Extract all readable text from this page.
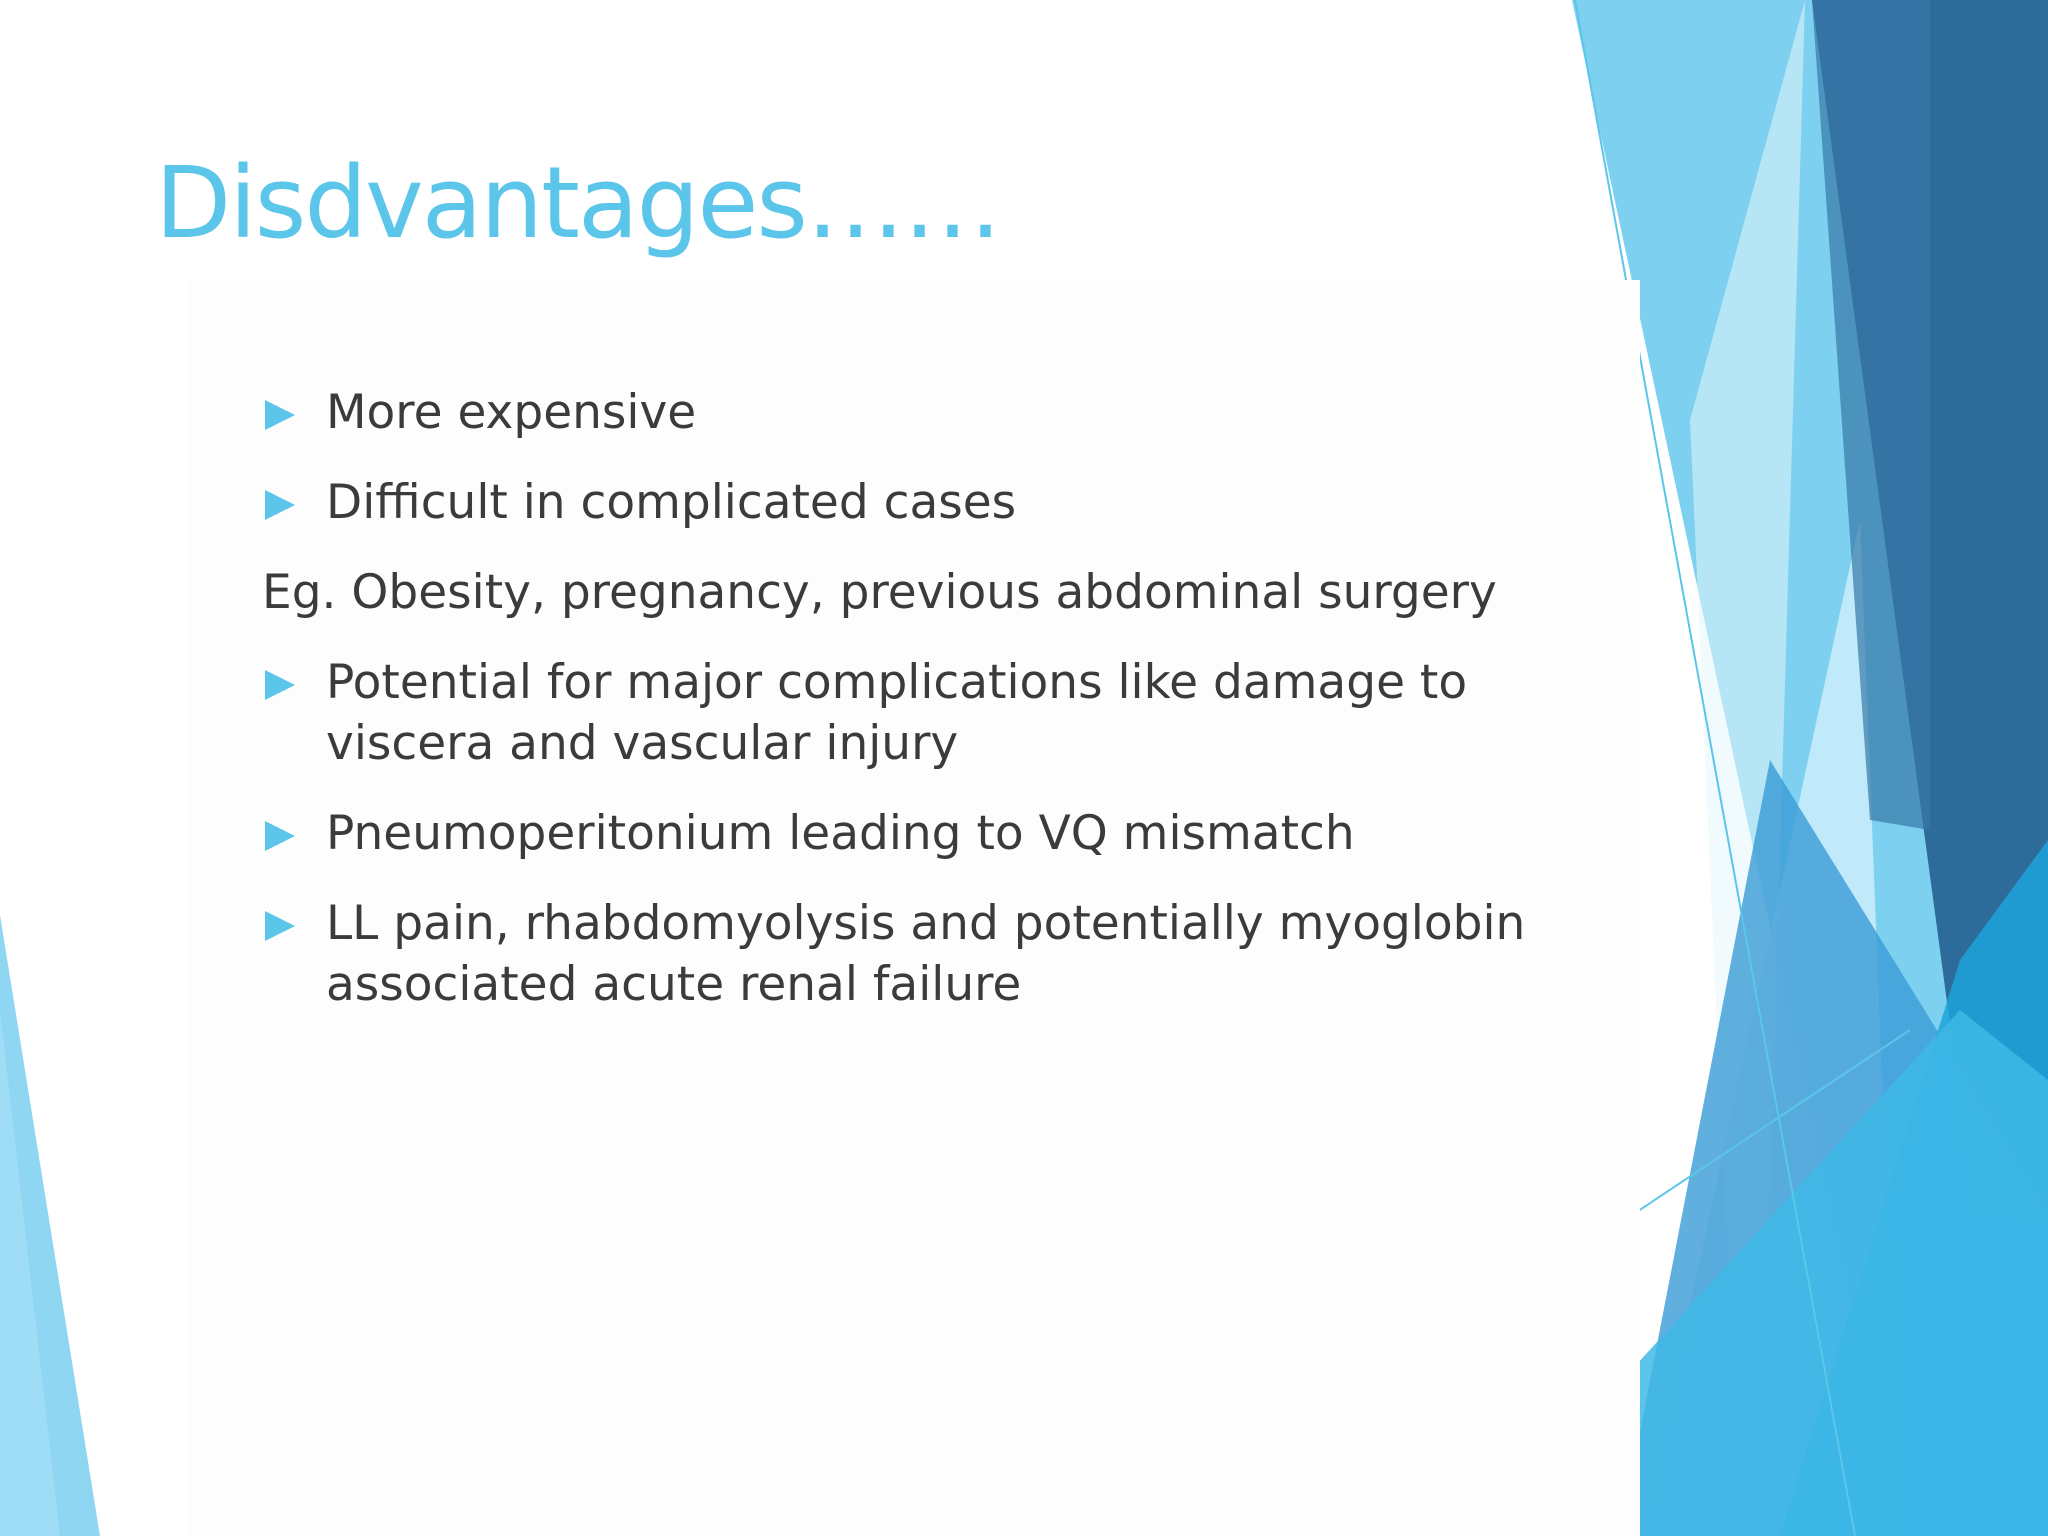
Disdvantages……
More expensive
Difficult in complicated cases
Eg. Obesity, pregnancy, previous abdominal surgery
Potential for major complications like damage to viscera and vascular injury
Pneumoperitonium leading to VQ mismatch
LL pain, rhabdomyolysis and potentially myoglobin associated acute renal failure
